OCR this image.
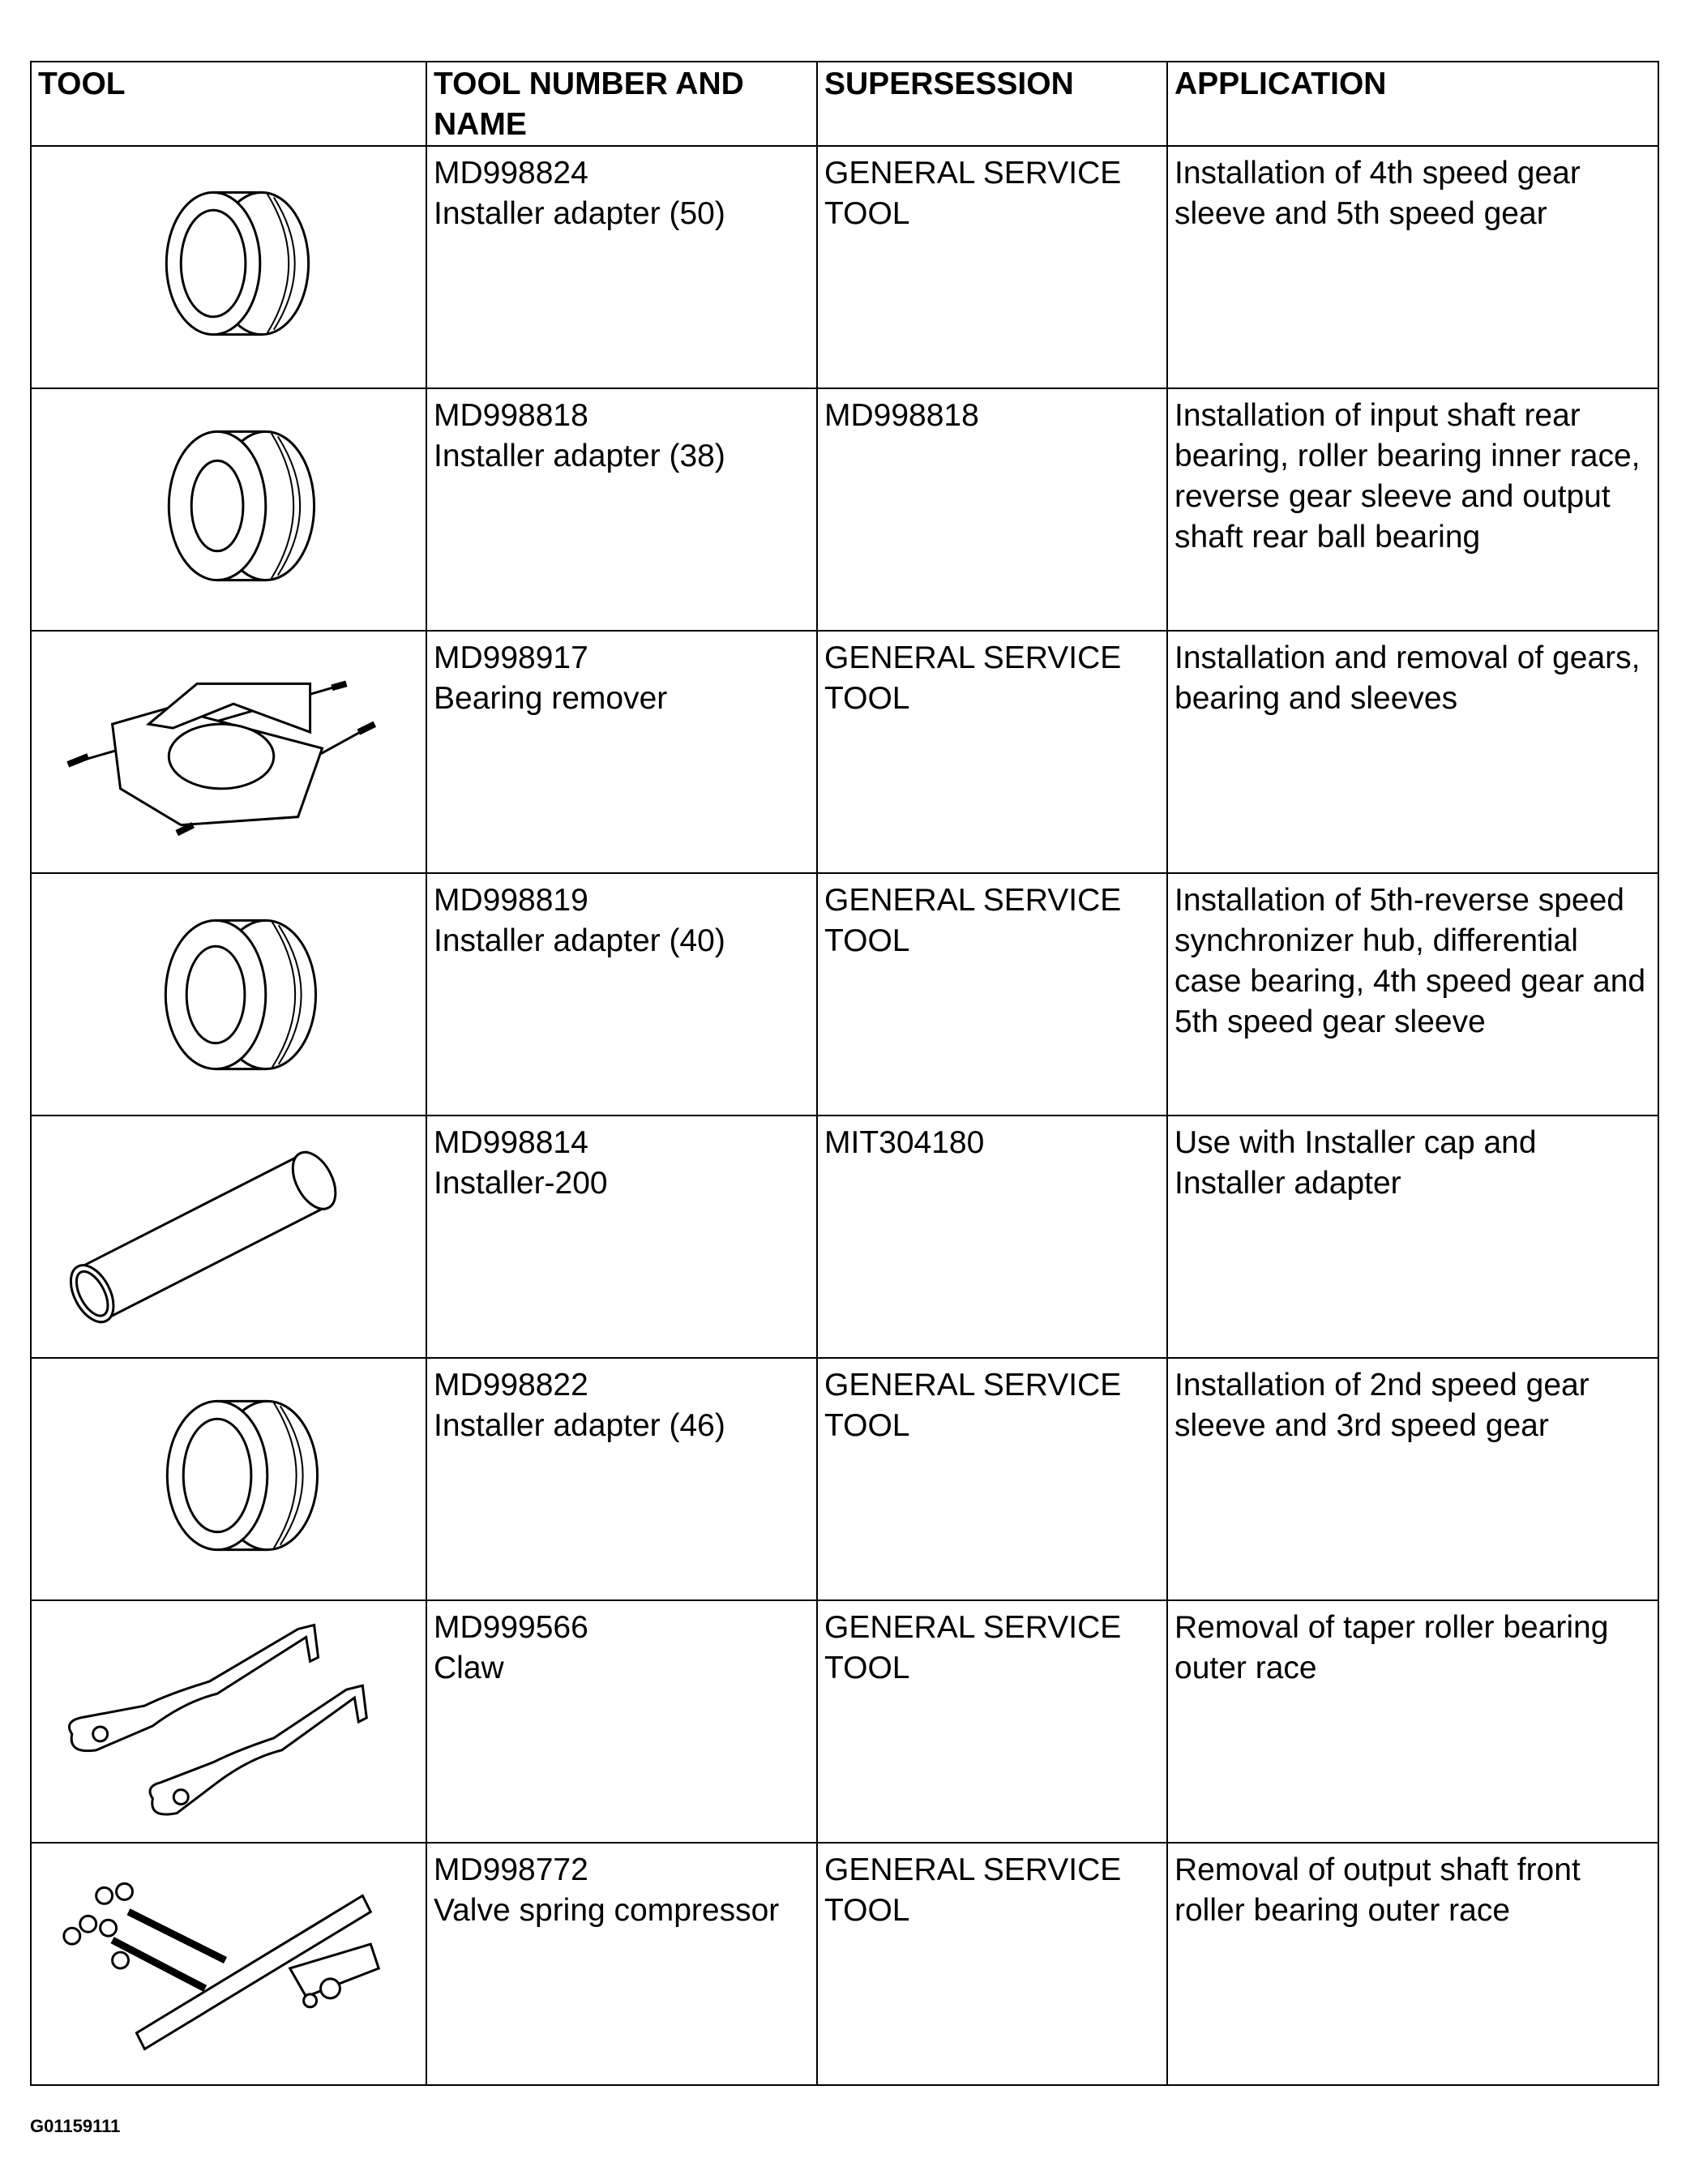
TOOL	TOOL NUMBER AND NAME	SUPERSESSION	APPLICATION

MD998824
Installer adapter (50)	GENERAL SERVICE TOOL	Installation of 4th speed gear sleeve and 5th speed gear

MD998818
Installer adapter (38)	MD998818	Installation of input shaft rear bearing, roller bearing inner race, reverse gear sleeve and output shaft rear ball bearing

MD998917
Bearing remover	GENERAL SERVICE TOOL	Installation and removal of gears, bearing and sleeves

MD998819
Installer adapter (40)	GENERAL SERVICE TOOL	Installation of 5th-reverse speed synchronizer hub, differential case bearing, 4th speed gear and 5th speed gear sleeve

MD998814
Installer-200	MIT304180	Use with Installer cap and Installer adapter

MD998822
Installer adapter (46)	GENERAL SERVICE TOOL	Installation of 2nd speed gear sleeve and 3rd speed gear

MD999566
Claw	GENERAL SERVICE TOOL	Removal of taper roller bearing outer race

MD998772
Valve spring compressor	GENERAL SERVICE TOOL	Removal of output shaft front roller bearing outer race
G01159111
